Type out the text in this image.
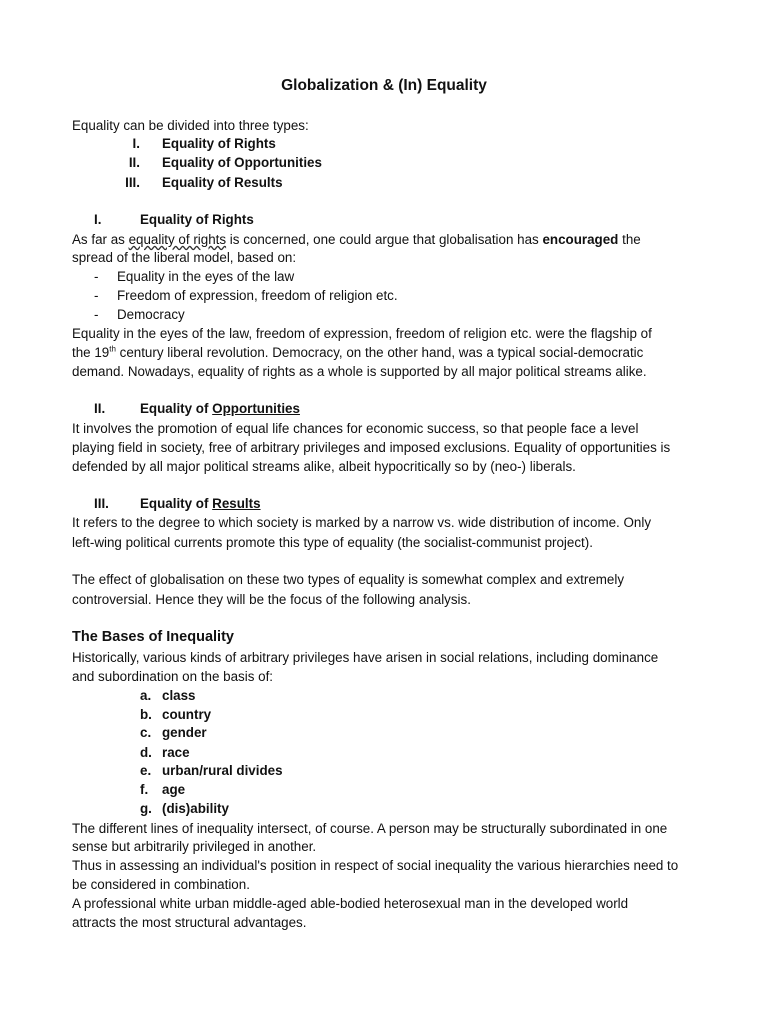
Globalization & (In) Equality
Equality can be divided into three types:
I. Equality of Rights
II. Equality of Opportunities
III. Equality of Results
I.	Equality of Rights
As far as equality of rights is concerned, one could argue that globalisation has encouraged the
spread of the liberal model, based on:
- Equality in the eyes of the law
- Freedom of expression, freedom of religion etc.
- Democracy
Equality in the eyes of the law, freedom of expression, freedom of religion etc. were the flagship of
the 19th century liberal revolution. Democracy, on the other hand, was a typical social-democratic
demand. Nowadays, equality of rights as a whole is supported by all major political streams alike.
II.	Equality of Opportunities
It involves the promotion of equal life chances for economic success, so that people face a level
playing field in society, free of arbitrary privileges and imposed exclusions. Equality of opportunities is
defended by all major political streams alike, albeit hypocritically so by (neo-) liberals.
III. Equality of Results
It refers to the degree to which society is marked by a narrow vs. wide distribution of income. Only
left-wing political currents promote this type of equality (the socialist-communist project).
The effect of globalisation on these two types of equality is somewhat complex and extremely
controversial. Hence they will be the focus of the following analysis.
The Bases of Inequality
Historically, various kinds of arbitrary privileges have arisen in social relations, including dominance
and subordination on the basis of:
a. class
b. country
c. gender
d. race
e. urban/rural divides
f. age
g. (dis)ability
The different lines of inequality intersect, of course. A person may be structurally subordinated in one
sense but arbitrarily privileged in another.
Thus in assessing an individual's position in respect of social inequality the various hierarchies need to
be considered in combination.
A professional white urban middle-aged able-bodied heterosexual man in the developed world
attracts the most structural advantages.
